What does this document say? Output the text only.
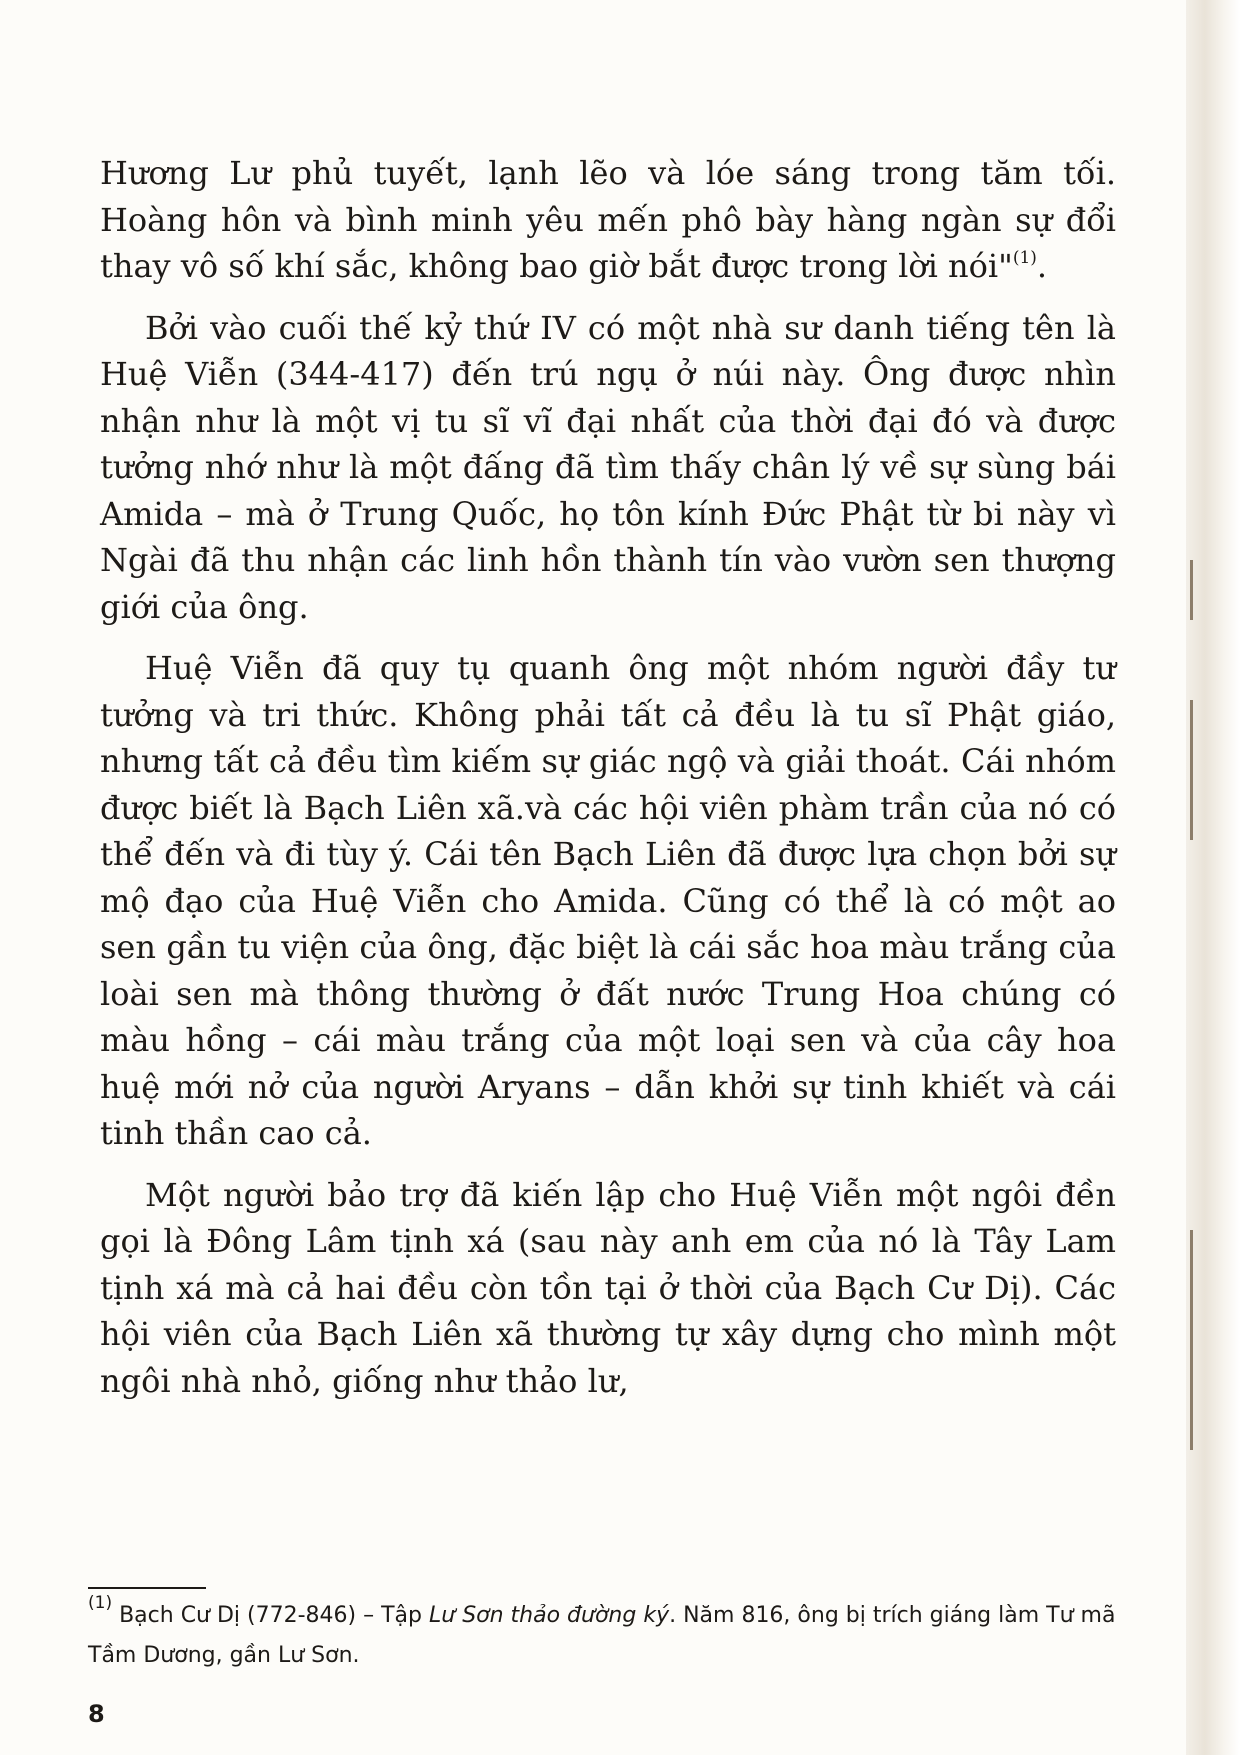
Hương Lư phủ tuyết, lạnh lẽo và lóe sáng trong tăm tối. Hoàng hôn và bình minh yêu mến phô bày hàng ngàn sự đổi thay vô số khí sắc, không bao giờ bắt được trong lời nói"$^{(1)}$.

Bởi vào cuối thế kỷ thứ IV có một nhà sư danh tiếng tên là Huệ Viễn (344-417) đến trú ngụ ở núi này. Ông được nhìn nhận như là một vị tu sĩ vĩ đại nhất của thời đại đó và được tưởng nhớ như là một đấng đã tìm thấy chân lý về sự sùng bái Amida – mà ở Trung Quốc, họ tôn kính Đức Phật từ bi này vì Ngài đã thu nhận các linh hồn thành tín vào vườn sen thượng giới của ông.

Huệ Viễn đã quy tụ quanh ông một nhóm người đầy tư tưởng và tri thức. Không phải tất cả đều là tu sĩ Phật giáo, nhưng tất cả đều tìm kiếm sự giác ngộ và giải thoát. Cái nhóm được biết là Bạch Liên xã.và các hội viên phàm trần của nó có thể đến và đi tùy ý. Cái tên Bạch Liên đã được lựa chọn bởi sự mộ đạo của Huệ Viễn cho Amida. Cũng có thể là có một ao sen gần tu viện của ông, đặc biệt là cái sắc hoa màu trắng của loài sen mà thông thường ở đất nước Trung Hoa chúng có màu hồng – cái màu trắng của một loại sen và của cây hoa huệ mới nở của người Aryans – dẫn khởi sự tinh khiết và cái tinh thần cao cả.

Một người bảo trợ đã kiến lập cho Huệ Viễn một ngôi đền gọi là Đông Lâm tịnh xá (sau này anh em của nó là Tây Lam tịnh xá mà cả hai đều còn tồn tại ở thời của Bạch Cư Dị). Các hội viên của Bạch Liên xã thường tự xây dựng cho mình một ngôi nhà nhỏ, giống như thảo lư,

$^{(1)}$ Bạch Cư Dị (772-846) – Tập Lư Sơn thảo đường ký. Năm 816, ông bị trích giáng làm Tư mã Tầm Dương, gần Lư Sơn.

8
